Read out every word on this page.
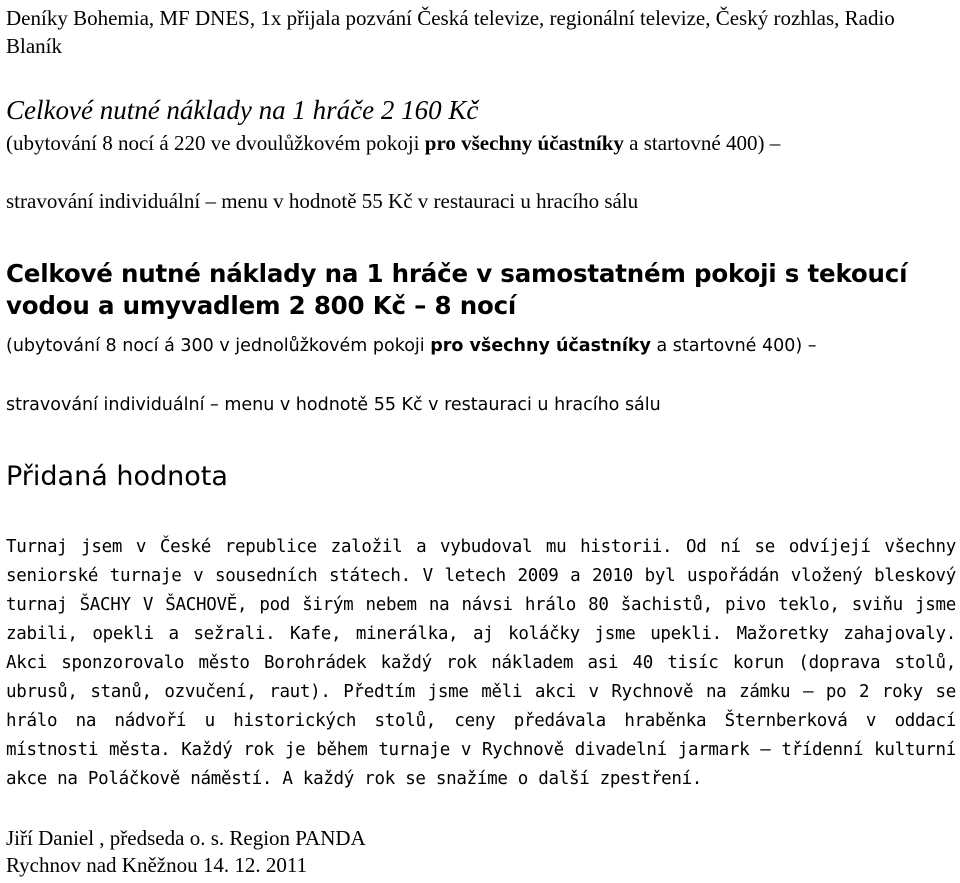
Deníky Bohemia, MF DNES, 1x přijala pozvání Česká televize, regionální televize, Český rozhlas, Radio Blaník

Celkové nutné náklady na 1 hráče 2 160 Kč

(ubytování 8 nocí á 220 ve dvoulůžkovém pokoji pro všechny účastníky a startovné 400) –

stravování individuální – menu v hodnotě 55 Kč v restauraci u hracího sálu

Celkové nutné náklady na 1 hráče v samostatném pokoji s tekoucí
vodou a umyvadlem 2 800 Kč – 8 nocí

(ubytování 8 nocí á 300 v jednolůžkovém pokoji pro všechny účastníky a startovné 400) –

stravování individuální – menu v hodnotě 55 Kč v restauraci u hracího sálu

Přidaná hodnota

Turnaj jsem v České republice založil a vybudoval mu historii. Od ní se odvíjejí všechny seniorské turnaje v sousedních státech. V letech 2009 a 2010 byl uspořádán vložený bleskový turnaj ŠACHY V ŠACHOVĚ, pod širým nebem na návsi hrálo 80 šachistů, pivo teklo, sviňu jsme zabili, opekli a sežrali. Kafe, minerálka, aj koláčky jsme upekli. Mažoretky zahajovaly. Akci sponzorovalo město Borohrádek každý rok nákladem asi 40 tisíc korun (doprava stolů, ubrusů, stanů, ozvučení, raut). Předtím jsme měli akci v Rychnově na zámku – po 2 roky se hrálo na nádvoří u historických stolů, ceny předávala hraběnka Šternberková v oddací místnosti města. Každý rok je během turnaje v Rychnově divadelní jarmark – třídenní kulturní akce na Poláčkově náměstí. A každý rok se snažíme o další zpestření.

Jiří Daniel , předseda o. s. Region PANDA

Rychnov nad Kněžnou 14. 12. 2011
